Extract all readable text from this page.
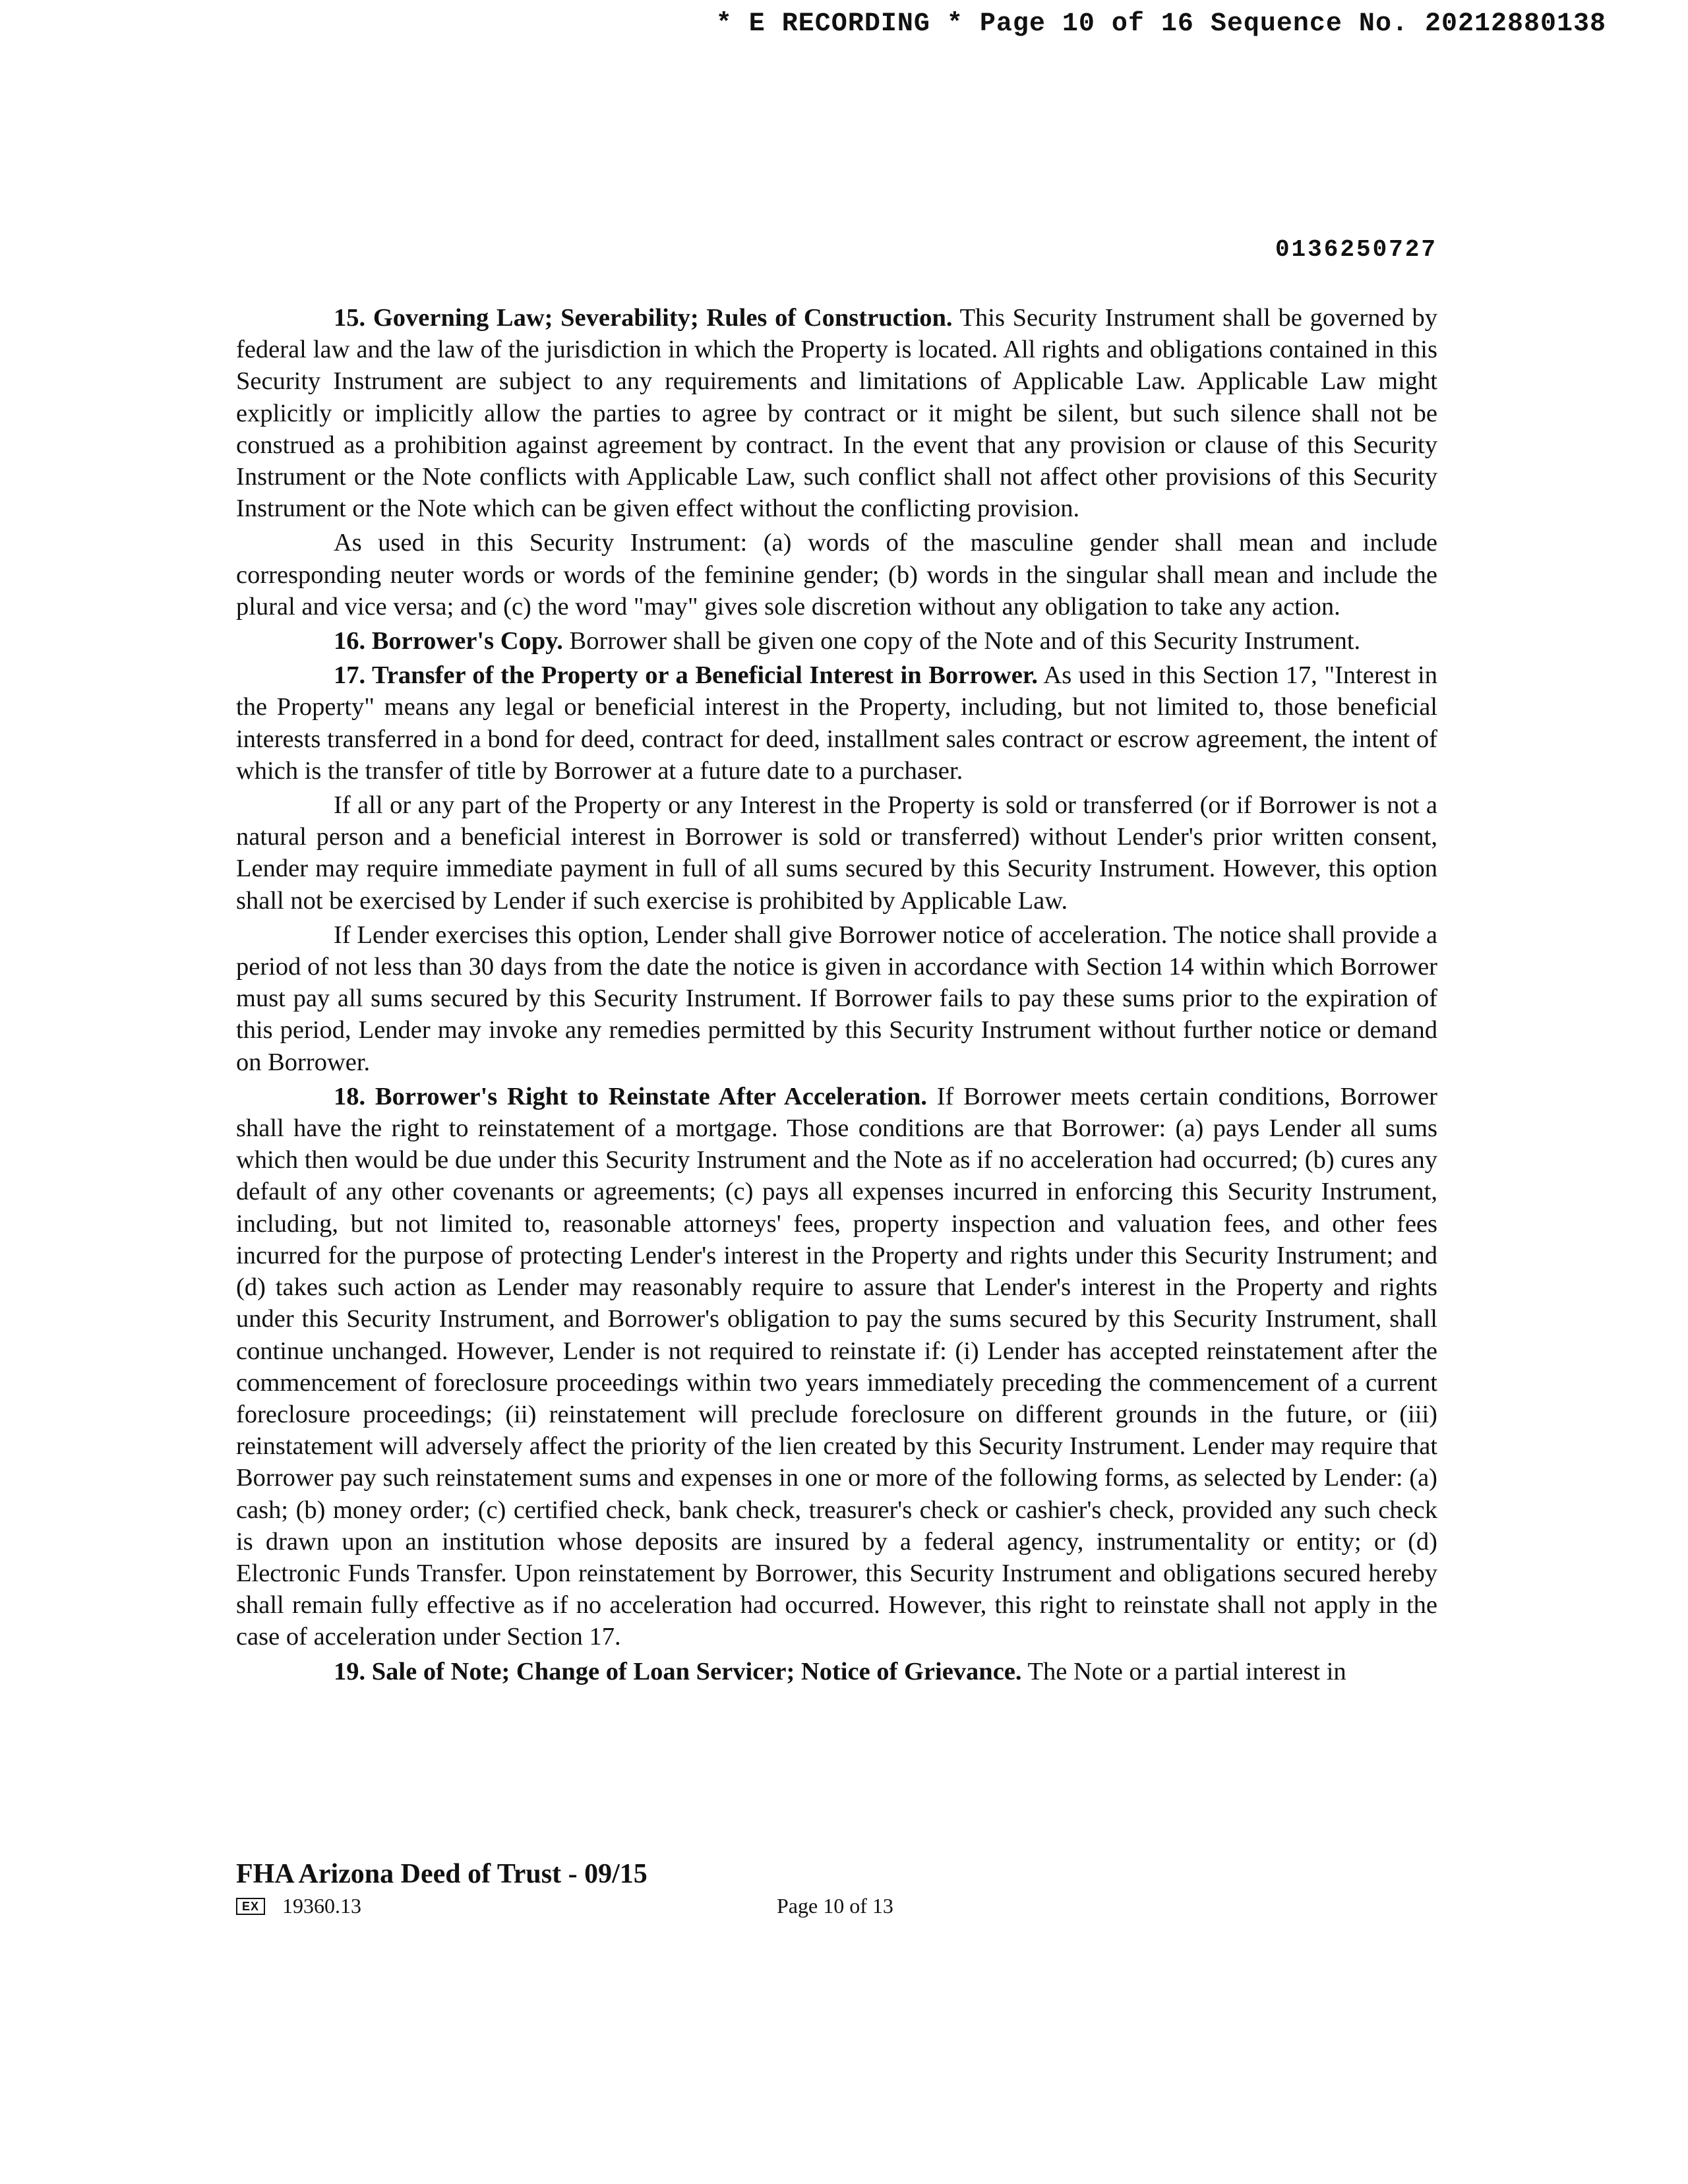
* E RECORDING * Page 10 of 16 Sequence No. 20212880138
0136250727

15. Governing Law; Severability; Rules of Construction. This Security Instrument shall be governed by federal law and the law of the jurisdiction in which the Property is located. All rights and obligations contained in this Security Instrument are subject to any requirements and limitations of Applicable Law. Applicable Law might explicitly or implicitly allow the parties to agree by contract or it might be silent, but such silence shall not be construed as a prohibition against agreement by contract. In the event that any provision or clause of this Security Instrument or the Note conflicts with Applicable Law, such conflict shall not affect other provisions of this Security Instrument or the Note which can be given effect without the conflicting provision.

As used in this Security Instrument: (a) words of the masculine gender shall mean and include corresponding neuter words or words of the feminine gender; (b) words in the singular shall mean and include the plural and vice versa; and (c) the word "may" gives sole discretion without any obligation to take any action.

16. Borrower's Copy. Borrower shall be given one copy of the Note and of this Security Instrument.

17. Transfer of the Property or a Beneficial Interest in Borrower. As used in this Section 17, "Interest in the Property" means any legal or beneficial interest in the Property, including, but not limited to, those beneficial interests transferred in a bond for deed, contract for deed, installment sales contract or escrow agreement, the intent of which is the transfer of title by Borrower at a future date to a purchaser.

If all or any part of the Property or any Interest in the Property is sold or transferred (or if Borrower is not a natural person and a beneficial interest in Borrower is sold or transferred) without Lender's prior written consent, Lender may require immediate payment in full of all sums secured by this Security Instrument. However, this option shall not be exercised by Lender if such exercise is prohibited by Applicable Law.

If Lender exercises this option, Lender shall give Borrower notice of acceleration. The notice shall provide a period of not less than 30 days from the date the notice is given in accordance with Section 14 within which Borrower must pay all sums secured by this Security Instrument. If Borrower fails to pay these sums prior to the expiration of this period, Lender may invoke any remedies permitted by this Security Instrument without further notice or demand on Borrower.

18. Borrower's Right to Reinstate After Acceleration. If Borrower meets certain conditions, Borrower shall have the right to reinstatement of a mortgage. Those conditions are that Borrower: (a) pays Lender all sums which then would be due under this Security Instrument and the Note as if no acceleration had occurred; (b) cures any default of any other covenants or agreements; (c) pays all expenses incurred in enforcing this Security Instrument, including, but not limited to, reasonable attorneys' fees, property inspection and valuation fees, and other fees incurred for the purpose of protecting Lender's interest in the Property and rights under this Security Instrument; and (d) takes such action as Lender may reasonably require to assure that Lender's interest in the Property and rights under this Security Instrument, and Borrower's obligation to pay the sums secured by this Security Instrument, shall continue unchanged. However, Lender is not required to reinstate if: (i) Lender has accepted reinstatement after the commencement of foreclosure proceedings within two years immediately preceding the commencement of a current foreclosure proceedings; (ii) reinstatement will preclude foreclosure on different grounds in the future, or (iii) reinstatement will adversely affect the priority of the lien created by this Security Instrument. Lender may require that Borrower pay such reinstatement sums and expenses in one or more of the following forms, as selected by Lender: (a) cash; (b) money order; (c) certified check, bank check, treasurer's check or cashier's check, provided any such check is drawn upon an institution whose deposits are insured by a federal agency, instrumentality or entity; or (d) Electronic Funds Transfer. Upon reinstatement by Borrower, this Security Instrument and obligations secured hereby shall remain fully effective as if no acceleration had occurred. However, this right to reinstate shall not apply in the case of acceleration under Section 17.

19. Sale of Note; Change of Loan Servicer; Notice of Grievance. The Note or a partial interest in

FHA Arizona Deed of Trust - 09/15
EX 19360.13	Page 10 of 13
